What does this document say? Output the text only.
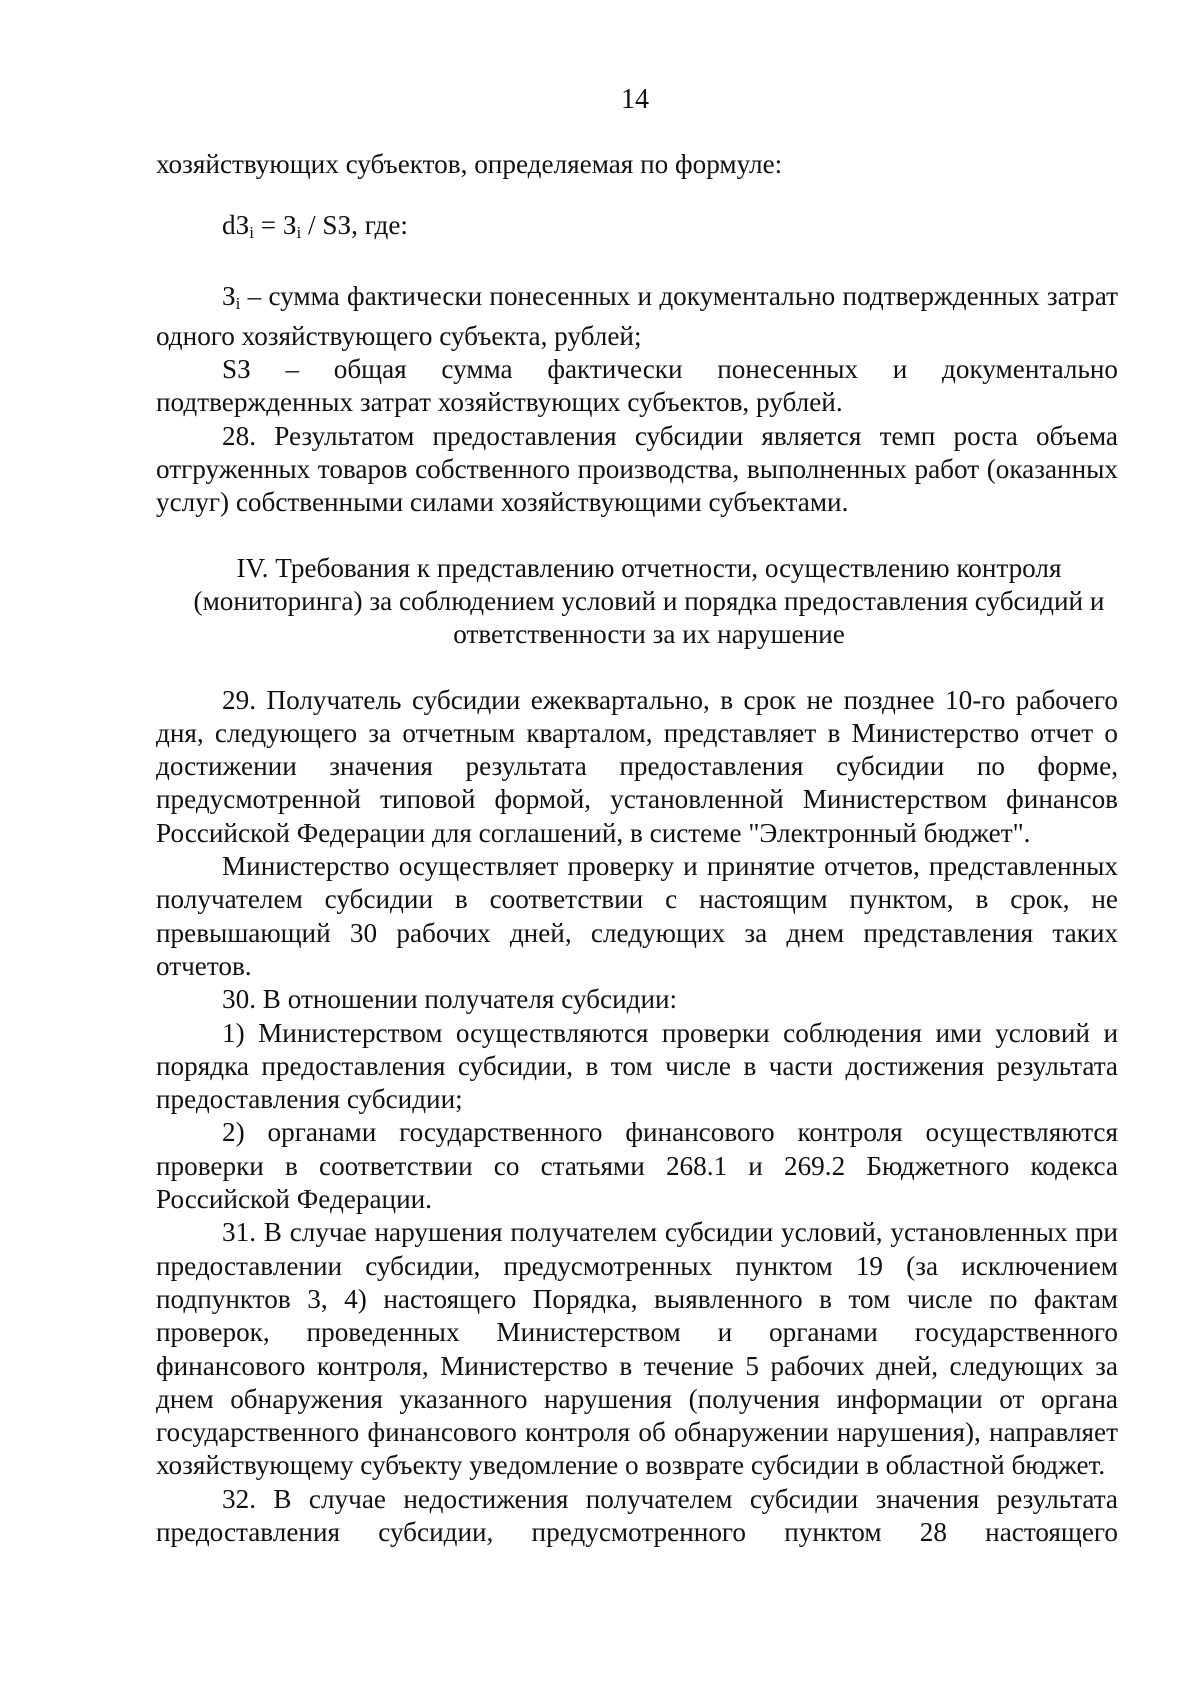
14

хозяйствующих субъектов, определяемая по формуле:

$dЗ_i = З_i$ / SЗ, где:

$З_i$ – сумма фактически понесенных и документально подтвержденных затрат одного хозяйствующего субъекта, рублей;

SЗ – общая сумма фактически понесенных и документально подтвержденных затрат хозяйствующих субъектов, рублей.

28. Результатом предоставления субсидии является темп роста объема отгруженных товаров собственного производства, выполненных работ (оказанных услуг) собственными силами хозяйствующими субъектами.

IV. Требования к представлению отчетности, осуществлению контроля (мониторинга) за соблюдением условий и порядка предоставления субсидий и ответственности за их нарушение

29. Получатель субсидии ежеквартально, в срок не позднее 10-го рабочего дня, следующего за отчетным кварталом, представляет в Министерство отчет о достижении значения результата предоставления субсидии по форме, предусмотренной типовой формой, установленной Министерством финансов Российской Федерации для соглашений, в системе "Электронный бюджет".

Министерство осуществляет проверку и принятие отчетов, представленных получателем субсидии в соответствии с настоящим пунктом, в срок, не превышающий 30 рабочих дней, следующих за днем представления таких отчетов.

30. В отношении получателя субсидии:

1) Министерством осуществляются проверки соблюдения ими условий и порядка предоставления субсидии, в том числе в части достижения результата предоставления субсидии;

2) органами государственного финансового контроля осуществляются проверки в соответствии со статьями 268.1 и 269.2 Бюджетного кодекса Российской Федерации.

31. В случае нарушения получателем субсидии условий, установленных при предоставлении субсидии, предусмотренных пунктом 19 (за исключением подпунктов 3, 4) настоящего Порядка, выявленного в том числе по фактам проверок, проведенных Министерством и органами государственного финансового контроля, Министерство в течение 5 рабочих дней, следующих за днем обнаружения указанного нарушения (получения информации от органа государственного финансового контроля об обнаружении нарушения), направляет хозяйствующему субъекту уведомление о возврате субсидии в областной бюджет.

32. В случае недостижения получателем субсидии значения результата предоставления субсидии, предусмотренного пунктом 28 настоящего
